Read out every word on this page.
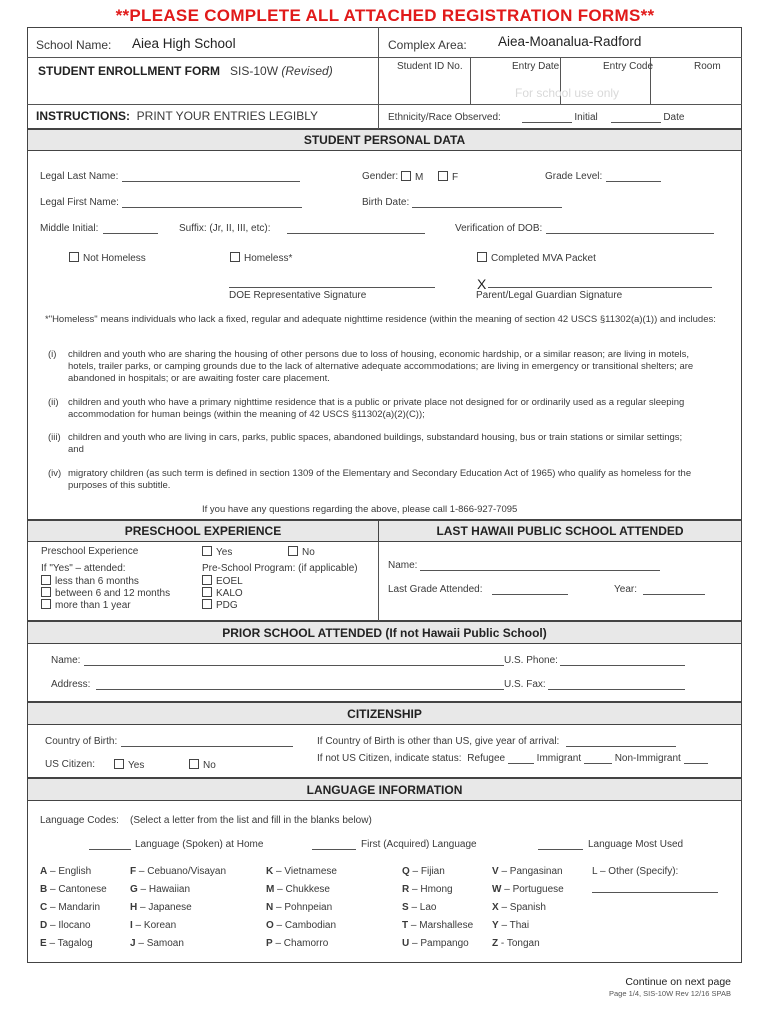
**PLEASE COMPLETE ALL ATTACHED REGISTRATION FORMS**
School Name: Aiea High School	Complex Area: Aiea-Moanalua-Radford
STUDENT ENROLLMENT FORM SIS-10W (Revised)	Student ID No.	Entry Date	Entry Code	Room
For school use only
INSTRUCTIONS: PRINT YOUR ENTRIES LEGIBLY	Ethnicity/Race Observed:	Initial	Date
STUDENT PERSONAL DATA
Legal Last Name:	Gender:	M	F	Grade Level:
Legal First Name:	Birth Date:
Middle Initial:	Suffix: (Jr, II, III, etc):	Verification of DOB:
Not Homeless	Homeless*	Completed MVA Packet
X
DOE Representative Signature	Parent/Legal Guardian Signature
*"Homeless" means individuals who lack a fixed, regular and adequate nighttime residence (within the meaning of section 42 USCS §11302(a)(1)) and includes:
(i) children and youth who are sharing the housing of other persons due to loss of housing, economic hardship, or a similar reason; are living in motels, hotels, trailer parks, or camping grounds due to the lack of alternative adequate accommodations; are living in emergency or transitional shelters; are abandoned in hospitals; or are awaiting foster care placement.
(ii) children and youth who have a primary nighttime residence that is a public or private place not designed for or ordinarily used as a regular sleeping accommodation for human beings (within the meaning of 42 USCS §11302(a)(2)(C));
(iii) children and youth who are living in cars, parks, public spaces, abandoned buildings, substandard housing, bus or train stations or similar settings; and
(iv) migratory children (as such term is defined in section 1309 of the Elementary and Secondary Education Act of 1965) who qualify as homeless for the purposes of this subtitle.
If you have any questions regarding the above, please call 1-866-927-7095
PRESCHOOL EXPERIENCE	LAST HAWAII PUBLIC SCHOOL ATTENDED
Preschool Experience	Yes	No
If "Yes" – attended:	Pre-School Program: (if applicable)
less than 6 months	EOEL
between 6 and 12 months	KALO
more than 1 year	PDG
Name:
Last Grade Attended:	Year:
PRIOR SCHOOL ATTENDED (If not Hawaii Public School)
Name:	U.S. Phone:
Address:	U.S. Fax:
CITIZENSHIP
Country of Birth:	If Country of Birth is other than US, give year of arrival:
US Citizen:	Yes	No
If not US Citizen, indicate status: Refugee	Immigrant	Non-Immigrant
LANGUAGE INFORMATION
Language Codes: (Select a letter from the list and fill in the blanks below)
Language (Spoken) at Home	First (Acquired) Language	Language Most Used
A – English
B – Cantonese
C – Mandarin
D – Ilocano
E – Tagalog
F – Cebuano/Visayan
G – Hawaiian
H – Japanese
I – Korean
J – Samoan
K – Vietnamese
M – Chukkese
N – Pohnpeian
O – Cambodian
P – Chamorro
Q – Fijian
R – Hmong
S – Lao
T – Marshallese
U – Pampango
V – Pangasinan
W – Portuguese
X – Spanish
Y – Thai
Z - Tongan
L – Other (Specify):
Continue on next page
Page 1/4, SIS-10W Rev 12/16 SPAB
